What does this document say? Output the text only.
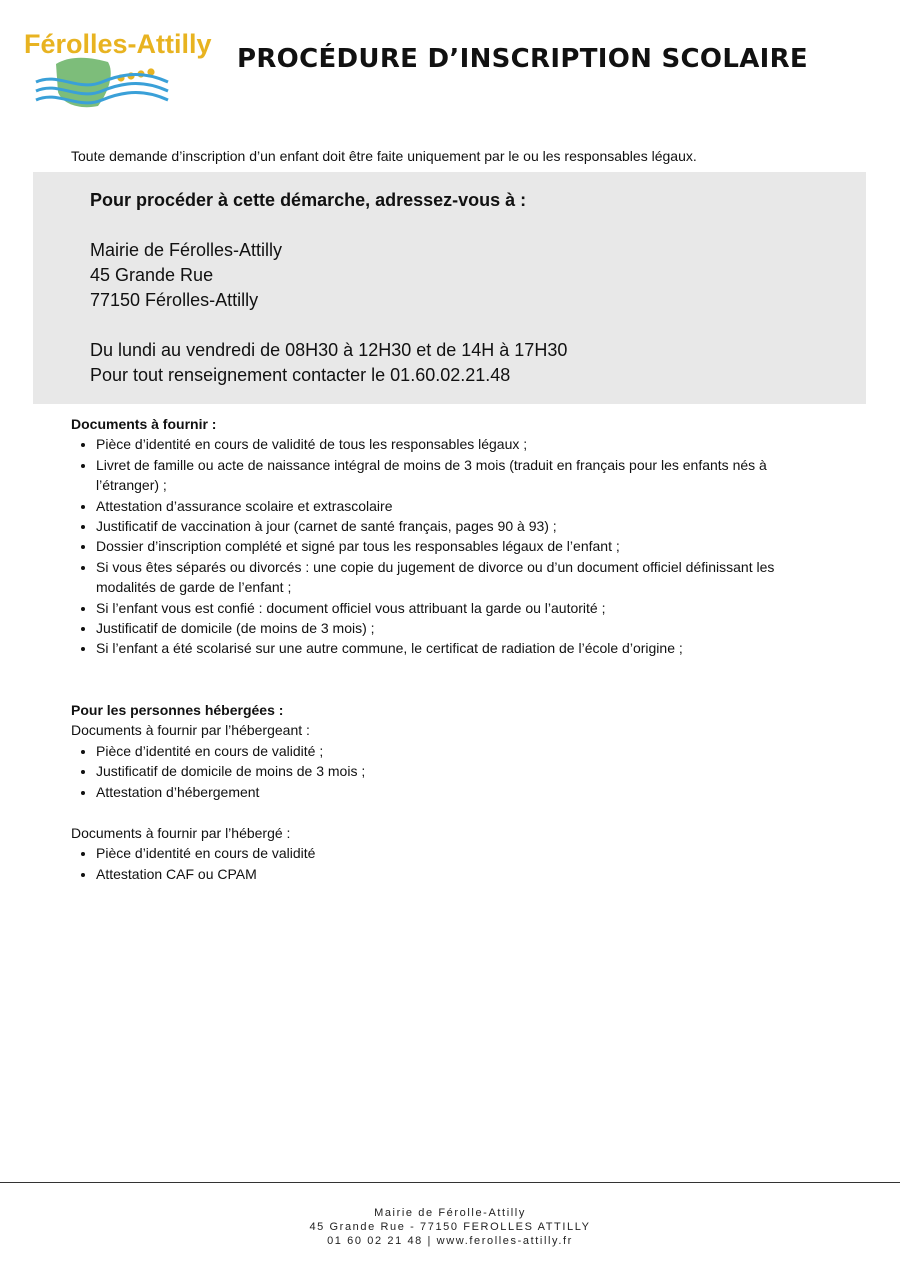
Férolles-Attilly PROCÉDURE D’INSCRIPTION SCOLAIRE

Toute demande d’inscription d’un enfant doit être faite uniquement par le ou les responsables légaux.

Pour procéder à cette démarche, adressez-vous à :

Mairie de Férolles-Attilly

45 Grande Rue

77150 Férolles-Attilly

Du lundi au vendredi de 08H30 à 12H30 et de 14H à 17H30

Pour tout renseignement contacter le 01.60.02.21.48

Documents à fournir :

• Pièce d’identité en cours de validité de tous les responsables légaux ;
• Livret de famille ou acte de naissance intégral de moins de 3 mois (traduit en français pour les enfants nés à l’étranger) ;
• Attestation d’assurance scolaire et extrascolaire
• Justificatif de vaccination à jour (carnet de santé français, pages 90 à 93) ;
• Dossier d’inscription complété et signé par tous les responsables légaux de l’enfant ;
• Si vous êtes séparés ou divorcés : une copie du jugement de divorce ou d’un document officiel définissant les modalités de garde de l’enfant ;
• Si l’enfant vous est confié : document officiel vous attribuant la garde ou l’autorité ;
• Justificatif de domicile (de moins de 3 mois) ;
• Si l’enfant a été scolarisé sur une autre commune, le certificat de radiation de l’école d’origine ;

Pour les personnes hébergées :

Documents à fournir par l’hébergeant :

• Pièce d’identité en cours de validité ;
• Justificatif de domicile de moins de 3 mois ;
• Attestation d’hébergement

Documents à fournir par l’hébergé :

• Pièce d’identité en cours de validité
• Attestation CAF ou CPAM

Mairie de Férolle-Attilly

45 Grande Rue - 77150 FEROLLES ATTILLY

01 60 02 21 48 | www.ferolles-attilly.fr
